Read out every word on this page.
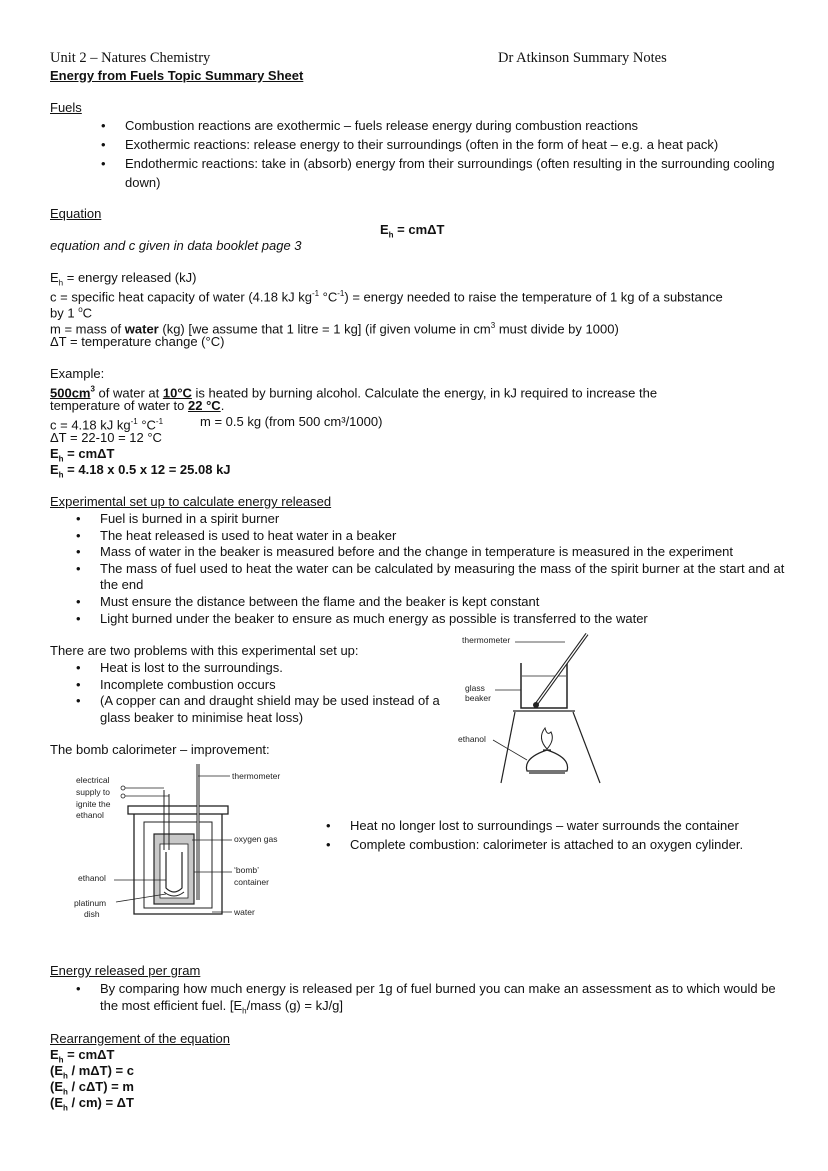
Unit 2 – Natures Chemistry	Dr Atkinson Summary Notes
Energy from Fuels Topic Summary Sheet
Fuels
• Combustion reactions are exothermic – fuels release energy during combustion reactions
• Exothermic reactions: release energy to their surroundings (often in the form of heat – e.g. a heat pack)
• Endothermic reactions: take in (absorb) energy from their surroundings (often resulting in the surrounding cooling down)
Equation
$E_h = cm\Delta T$
equation and c given in data booklet page 3
$E_h$ = energy released (kJ)
c = specific heat capacity of water (4.18 kJ $kg^{-1}$ $^\circ C^{-1}$) = energy needed to raise the temperature of 1 kg of a substance
by 1 $^o$C
m = mass of water (kg) [we assume that 1 litre = 1 kg] (if given volume in $cm^3$ must divide by 1000)
ΔT = temperature change (°C)
Example:
$500cm^3$ of water at 10°C is heated by burning alcohol. Calculate the energy, in kJ required to increase the
temperature of water to 22 °C.
c = 4.18 kJ $kg^{-1}$ $^\circ C^{-1}$	m = 0.5 kg (from 500 cm³/1000)
ΔT = 22-10 = 12 °C
$E_h = cm\Delta T$
$E_h = 4.18$ x 0.5 x 12 = 25.08 kJ
Experimental set up to calculate energy released
• Fuel is burned in a spirit burner
• The heat released is used to heat water in a beaker
• Mass of water in the beaker is measured before and the change in temperature is measured in the experiment
• The mass of fuel used to heat the water can be calculated by measuring the mass of the spirit burner at the start and at the end
• Must ensure the distance between the flame and the beaker is kept constant
• Light burned under the beaker to ensure as much energy as possible is transferred to the water
There are two problems with this experimental set up:
• Heat is lost to the surroundings.
• Incomplete combustion occurs
• (A copper can and draught shield may be used instead of a glass beaker to minimise heat loss)
thermometer
glass
beaker
ethanol
The bomb calorimeter – improvement:
electrical
supply to
ignite the
ethanol
thermometer
oxygen gas
‘bomb’
container
ethanol
platinum
dish	water
• Heat no longer lost to surroundings – water surrounds the container
• Complete combustion: calorimeter is attached to an oxygen cylinder.
Energy released per gram
• By comparing how much energy is released per 1g of fuel burned you can make an assessment as to which would be the most efficient fuel. [$E_h$/mass (g) = kJ/g]
Rearrangement of the equation
$E_h = cm\Delta T$
$(E_h / m\Delta T) = c$
$(E_h / c\Delta T) = m$
$(E_h / cm) = \Delta T$
